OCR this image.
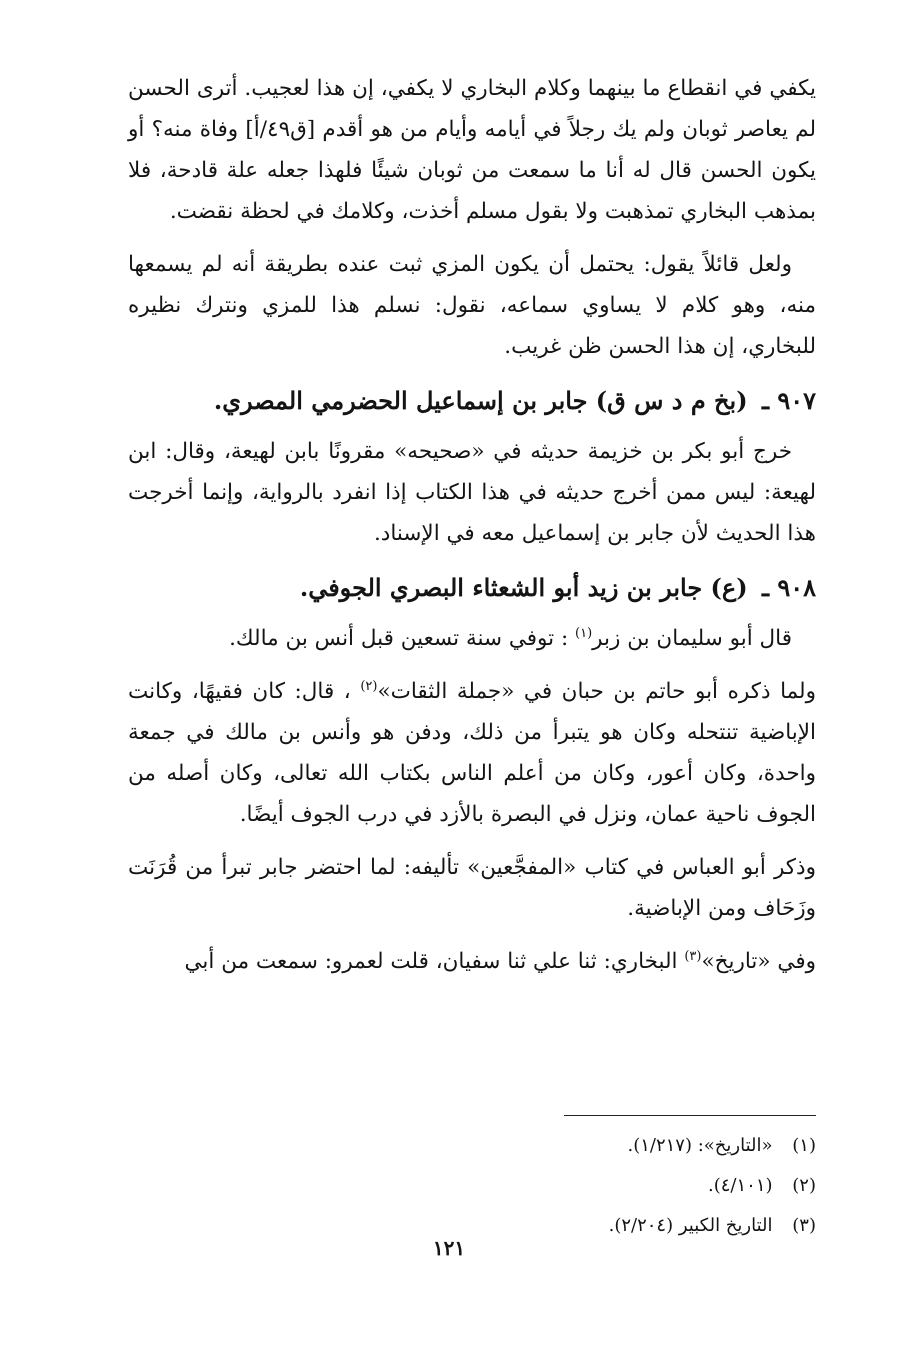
يكفي في انقطاع ما بينهما وكلام البخاري لا يكفي، إن هذا لعجيب. أترى الحسن لم يعاصر ثوبان ولم يك رجلاً في أيامه وأيام من هو أقدم [ق٤٩/أ] وفاة منه؟ أو يكون الحسن قال له أنا ما سمعت من ثوبان شيئًا فلهذا جعله علة قادحة، فلا بمذهب البخاري تمذهبت ولا بقول مسلم أخذت، وكلامك في لحظة نقضت.

ولعل قائلاً يقول: يحتمل أن يكون المزي ثبت عنده بطريقة أنه لم يسمعها منه، وهو كلام لا يساوي سماعه، نقول: نسلم هذا للمزي ونترك نظيره للبخاري، إن هذا الحسن ظن غريب.

٩٠٧ ـ (بخ م د س ق) جابر بن إسماعيل الحضرمي المصري.

خرج أبو بكر بن خزيمة حديثه في «صحيحه» مقرونًا بابن لهيعة، وقال: ابن لهيعة: ليس ممن أخرج حديثه في هذا الكتاب إذا انفرد بالرواية، وإنما أخرجت هذا الحديث لأن جابر بن إسماعيل معه في الإسناد.

٩٠٨ ـ (ع) جابر بن زيد أبو الشعثاء البصري الجوفي.

قال أبو سليمان بن زبر$^{(١)}$ : توفي سنة تسعين قبل أنس بن مالك.

ولما ذكره أبو حاتم بن حبان في «جملة الثقات»$^{(٢)}$ ، قال: كان فقيهًا، وكانت الإباضية تنتحله وكان هو يتبرأ من ذلك، ودفن هو وأنس بن مالك في جمعة واحدة، وكان أعور، وكان من أعلم الناس بكتاب الله تعالى، وكان أصله من الجوف ناحية عمان، ونزل في البصرة بالأزد في درب الجوف أيضًا.

وذكر أبو العباس في كتاب «المفجَّعين» تأليفه: لما احتضر جابر تبرأ من قُرَنَت وزَحَاف ومن الإباضية.

وفي «تاريخ»$^{(٣)}$ البخاري: ثنا علي ثنا سفيان، قلت لعمرو: سمعت من أبي

(١) «التاريخ»: (١/٢١٧).
(٢) (٤/١٠١).
(٣) التاريخ الكبير (٢/٢٠٤).
١٢١
